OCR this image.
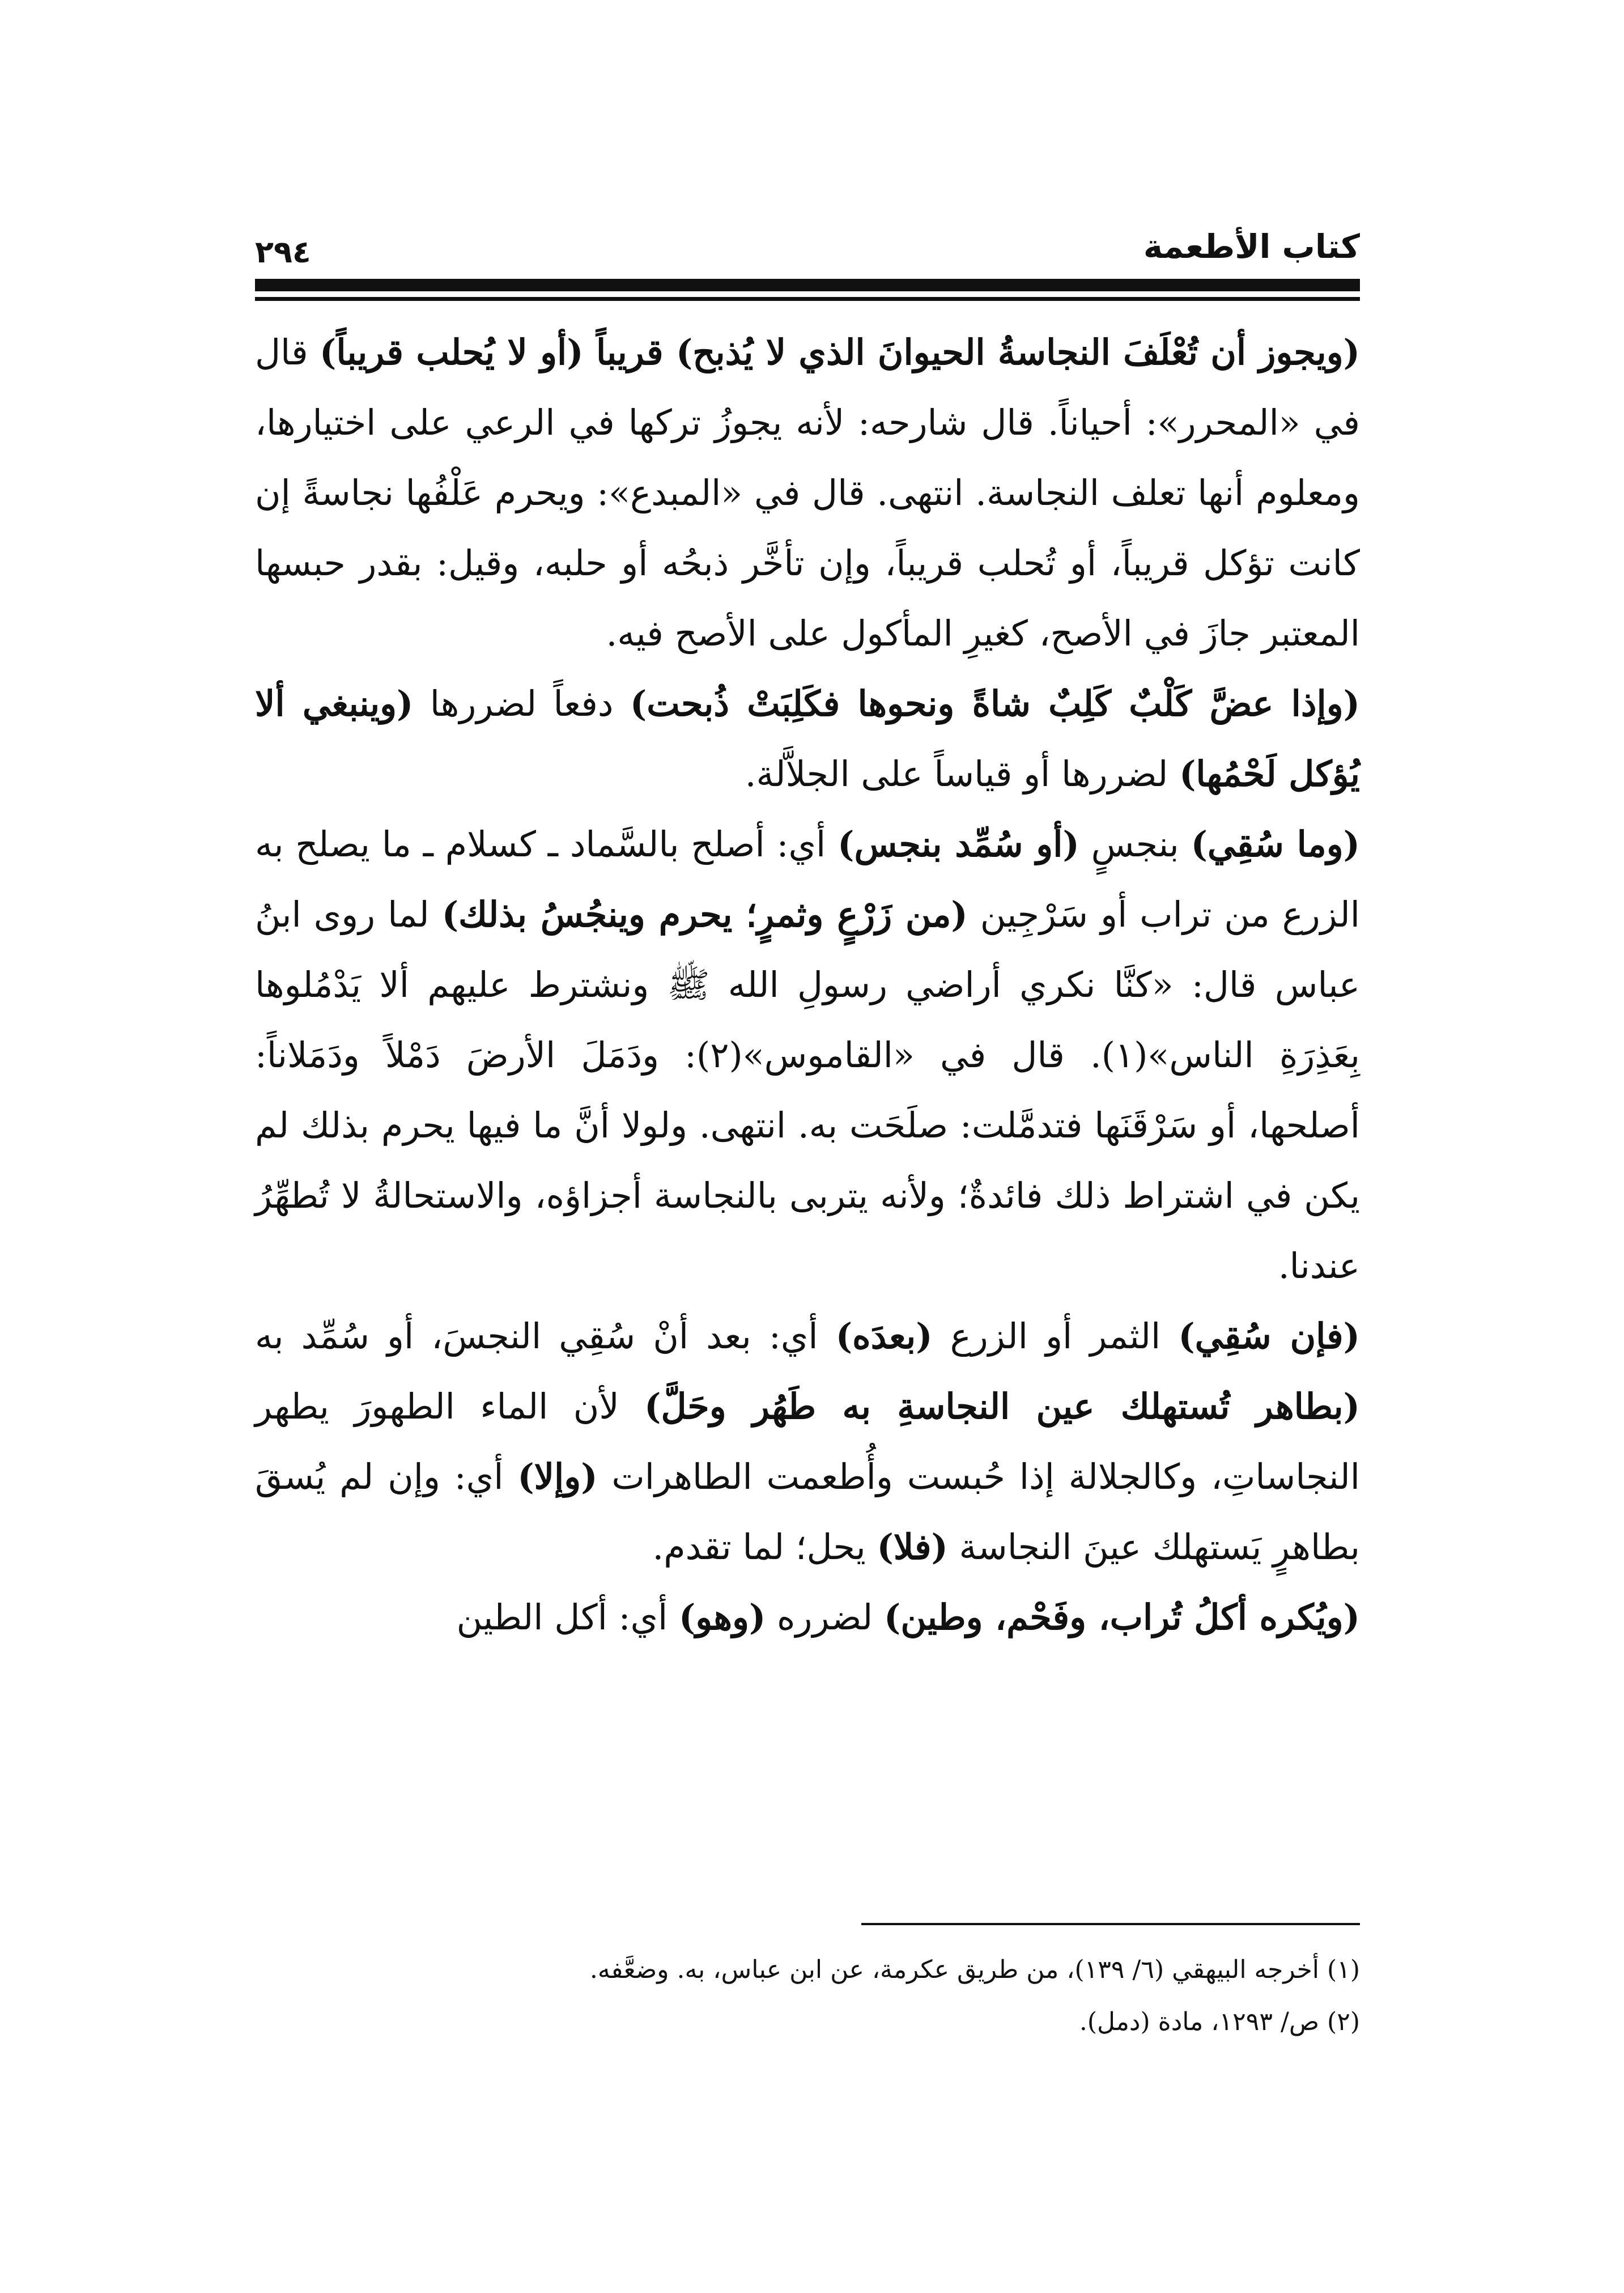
كتاب الأطعمة
٢٩٤

(ويجوز أن تُعْلَفَ النجاسةُ الحيوانَ الذي لا يُذبح) قريباً (أو لا يُحلب قريباً) قال في «المحرر»: أحياناً. قال شارحه: لأنه يجوزُ تركها في الرعي على اختيارها، ومعلوم أنها تعلف النجاسة. انتهى. قال في «المبدع»: ويحرم عَلْفُها نجاسةً إن كانت تؤكل قريباً، أو تُحلب قريباً، وإن تأخَّر ذبحُه أو حلبه، وقيل: بقدر حبسها المعتبر جازَ في الأصح، كغيرِ المأكول على الأصح فيه.

(وإذا عضَّ كَلْبٌ كَلِبٌ شاةً ونحوها فكَلِبَتْ ذُبحت) دفعاً لضررها (وينبغي ألا يُؤكل لَحْمُها) لضررها أو قياساً على الجلاَّلة.

(وما سُقِي) بنجسٍ (أو سُمِّد بنجس) أي: أصلح بالسَّماد ـ كسلام ـ ما يصلح به الزرع من تراب أو سَرْجِين (من زَرْعٍ وثمرٍ؛ يحرم وينجُسُ بذلك) لما روى ابنُ عباس قال: «كنَّا نكري أراضي رسولِ الله ﷺ ونشترط عليهم ألا يَدْمُلوها بِعَذِرَةِ الناس»(١). قال في «القاموس»(٢): ودَمَلَ الأرضَ دَمْلاً ودَمَلاناً: أصلحها، أو سَرْقَنَها فتدمَّلت: صلَحَت به. انتهى. ولولا أنَّ ما فيها يحرم بذلك لم يكن في اشتراط ذلك فائدةٌ؛ ولأنه يتربى بالنجاسة أجزاؤه، والاستحالةُ لا تُطهِّرُ عندنا.

(فإن سُقِي) الثمر أو الزرع (بعدَه) أي: بعد أنْ سُقِي النجسَ، أو سُمِّد به (بطاهر تُستهلك عين النجاسةِ به طَهُر وحَلَّ) لأن الماء الطهورَ يطهر النجاساتِ، وكالجلالة إذا حُبست وأُطعمت الطاهرات (وإلا) أي: وإن لم يُسقَ بطاهرٍ يَستهلك عينَ النجاسة (فلا) يحل؛ لما تقدم.

(ويُكره أكلُ تُراب، وفَحْم، وطين) لضرره (وهو) أي: أكل الطين

(١) أخرجه البيهقي (٦/ ١٣٩)، من طريق عكرمة، عن ابن عباس، به. وضعَّفه.

(٢) ص/ ١٢٩٣، مادة (دمل).
